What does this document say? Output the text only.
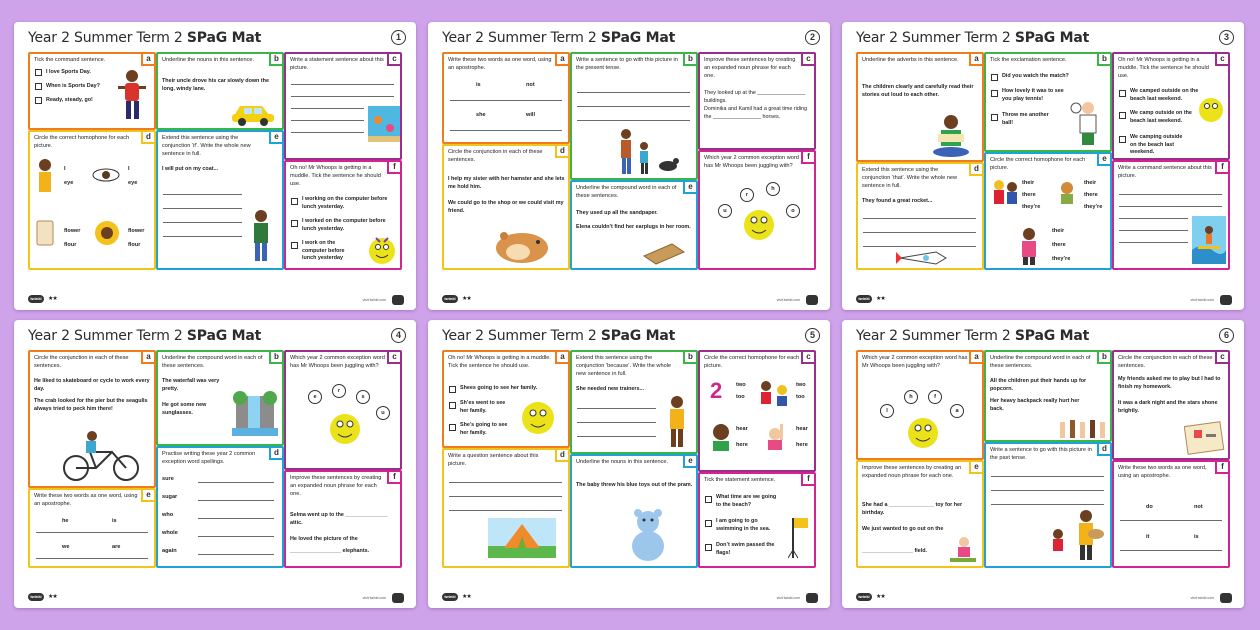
Year 2 Summer Term 2 SPaG Mat	1
a
Tick the command sentence.
I love Sports Day.
When is Sports Day?
Ready, steady, go!
b
Underline the nouns in this sentence.
Their uncle drove his car slowly down the long, windy lane.
c
Write a statement sentence about this picture.
d
Circle the correct homophone for each picture.
I
eye
I
eye
flower
flour
flower
flour
e
Extend this sentence using the conjunction ‘if’. Write the whole new sentence in full.
I will put on my coat...	f
Oh no! Mr Whoops is getting in a muddle. Tick the sentence he should use.
I working on the computer before lunch yesterday.
I worked on the computer before lunch yesterday.
I work on the computer before lunch yesterday
twinkl	★★	visit twinkl.com
Year 2 Summer Term 2 SPaG Mat	2
a
Write these two words as one word, using an apostrophe.
is	not
she	will
b
Write a sentence to go with this picture in the present tense.
c
Improve these sentences by creating an expanded noun phrase for each one.
They looked up at the ________________ buildings.
Dominika and Kamil had a great time riding the ________________ horses.
d
Circle the conjunction in each of these sentences.
I help my sister with her hamster and she lets me hold him.
We could go to the shop or we could visit my friend.
e
Underline the compound word in each of these sentences.
They used up all the sandpaper.
Elena couldn’t find her earplugs in her room.
f
Which year 2 common exception word has Mr Whoops been juggling with?
r
h
u	o
twinkl	★★	visit twinkl.com
Year 2 Summer Term 2 SPaG Mat	3
a
Underline the adverbs in this sentence.
The children clearly and carefully read their stories out loud to each other.
b
Tick the exclamation sentence.
Did you watch the match?
How lovely it was to see you play tennis!
Throw me another ball!
c
Oh no! Mr Whoops is getting in a muddle. Tick the sentence he should use.
We camped outside on the beach last weekend.
We camp outside on the beach last weekend.
We camping outside on the beach last weekend.
d
Extend this sentence using the conjunction ‘that’. Write the whole new sentence in full.
They found a great rocket...
e
Circle the correct homophone for each picture.
their
there
they’re
their
there
they’re
their
there
they’re
f
Write a command sentence about this picture.
twinkl	★★	visit twinkl.com
Year 2 Summer Term 2 SPaG Mat	4
a
Circle the conjunction in each of these sentences.
He liked to skateboard or cycle to work every day.
The crab looked for the pier but the seagulls always tried to peck him there!
b
Underline the compound word in each of these sentences.
The waterfall was very pretty.
He got some new sunglasses.
c
Which year 2 common exception word has Mr Whoops been juggling with?
e
r
s
u
d
Practise writing these year 2 common exception word spellings.
sure
sugar
who
whole
again
e
Write these two words as one word, using an apostrophe.
he	is
we	are
f
Improve these sentences by creating an expanded noun phrase for each one.
Selma went up to the ______________ attic.
He loved the picture of the
_________________ elephants.
twinkl	★★	visit twinkl.com
Year 2 Summer Term 2 SPaG Mat	5
a
Oh no! Mr Whoops is getting in a muddle. Tick the sentence he should use.
Shees going to see her family.
Sh’es went to see her family.
She’s going to see her family.
b
Extend this sentence using the conjunction ‘because’. Write the whole new sentence in full.
She needed new trainers...
c
Circle the correct homophone for each picture.
2 two
too
two
too
hear
here
hear
here
d
Write a question sentence about this picture.	e
Underline the nouns in this sentence.
The baby threw his blue toys out of the pram.
f
Tick the statement sentence.
What time are we going to the beach?
I am going to go swimming in the sea.
Don’t swim passed the flags!
twinkl	★★	visit twinkl.com
Year 2 Summer Term 2 SPaG Mat	6
a
Which year 2 common exception word has Mr Whoops been juggling with?
l
h	f
a
b
Underline the compound word in each of these sentences.
All the children put their hands up for popcorn.
Her heavy backpack really hurt her back.
c
Circle the conjunction in each of these sentences.
My friends asked me to play but I had to finish my homework.
It was a dark night and the stars shone brightly.
d
Write a sentence to go with this picture in the past tense.
e
Improve these sentences by creating an expanded noun phrase for each one.
She had a _______________ toy for her birthday.
We just wanted to go out on the
_________________ field.
f
Write these two words as one word, using an apostrophe.
do	not
it	is
twinkl	★★	visit twinkl.com
